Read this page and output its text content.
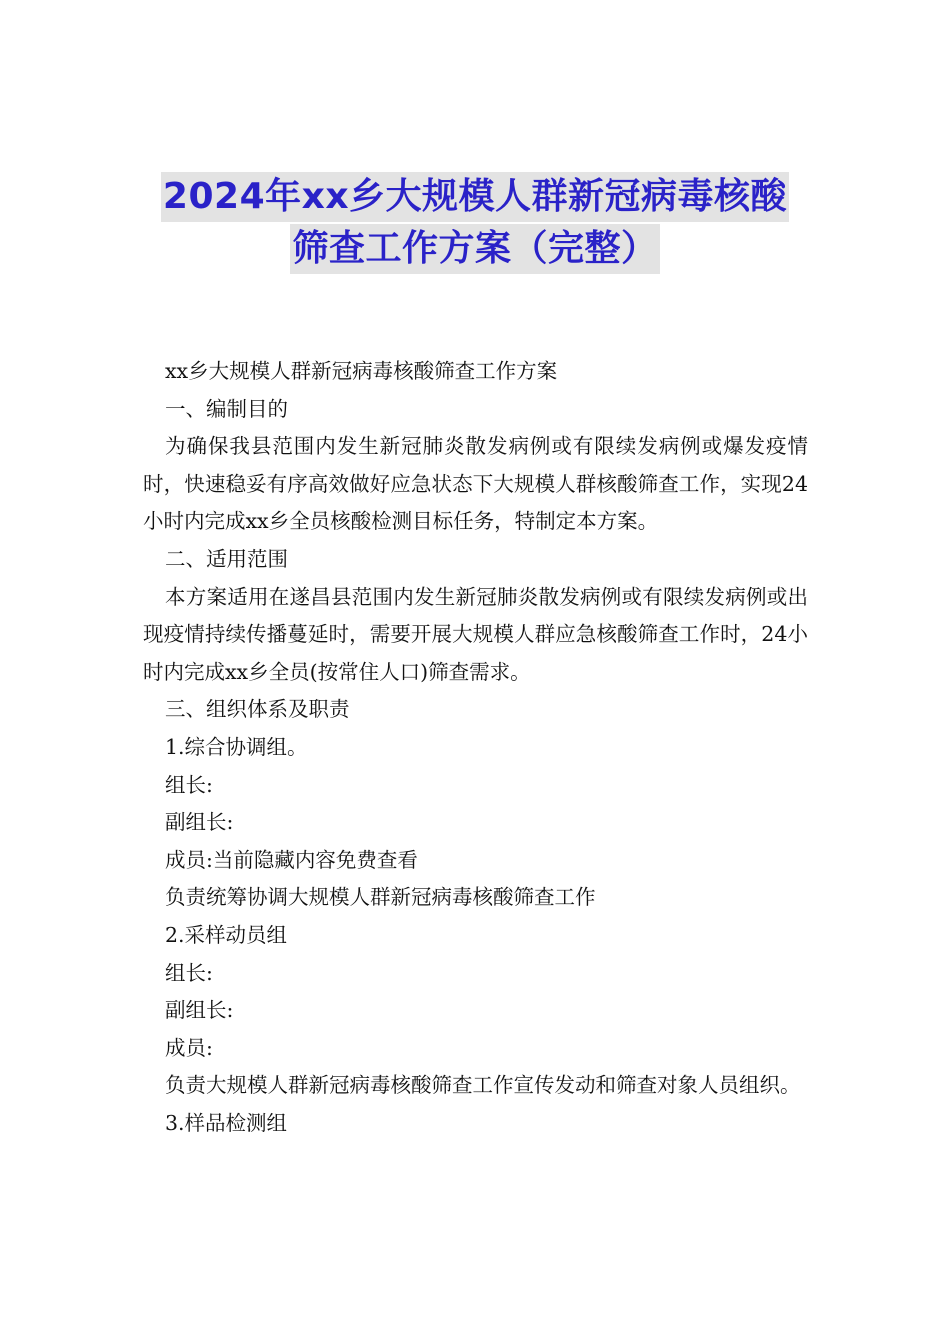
2024年xx乡大规模人群新冠病毒核酸
筛查工作方案（完整）

xx乡大规模人群新冠病毒核酸筛查工作方案

一、编制目的

为确保我县范围内发生新冠肺炎散发病例或有限续发病例或爆发疫情时，快速稳妥有序高效做好应急状态下大规模人群核酸筛查工作，实现24小时内完成xx乡全员核酸检测目标任务，特制定本方案。

二、适用范围

本方案适用在遂昌县范围内发生新冠肺炎散发病例或有限续发病例或出现疫情持续传播蔓延时，需要开展大规模人群应急核酸筛查工作时，24小时内完成xx乡全员(按常住人口)筛查需求。

三、组织体系及职责

1.综合协调组。

组长:

副组长:

成员:当前隐藏内容免费查看

负责统筹协调大规模人群新冠病毒核酸筛查工作

2.采样动员组

组长:

副组长:

成员:

负责大规模人群新冠病毒核酸筛查工作宣传发动和筛查对象人员组织。

3.样品检测组
